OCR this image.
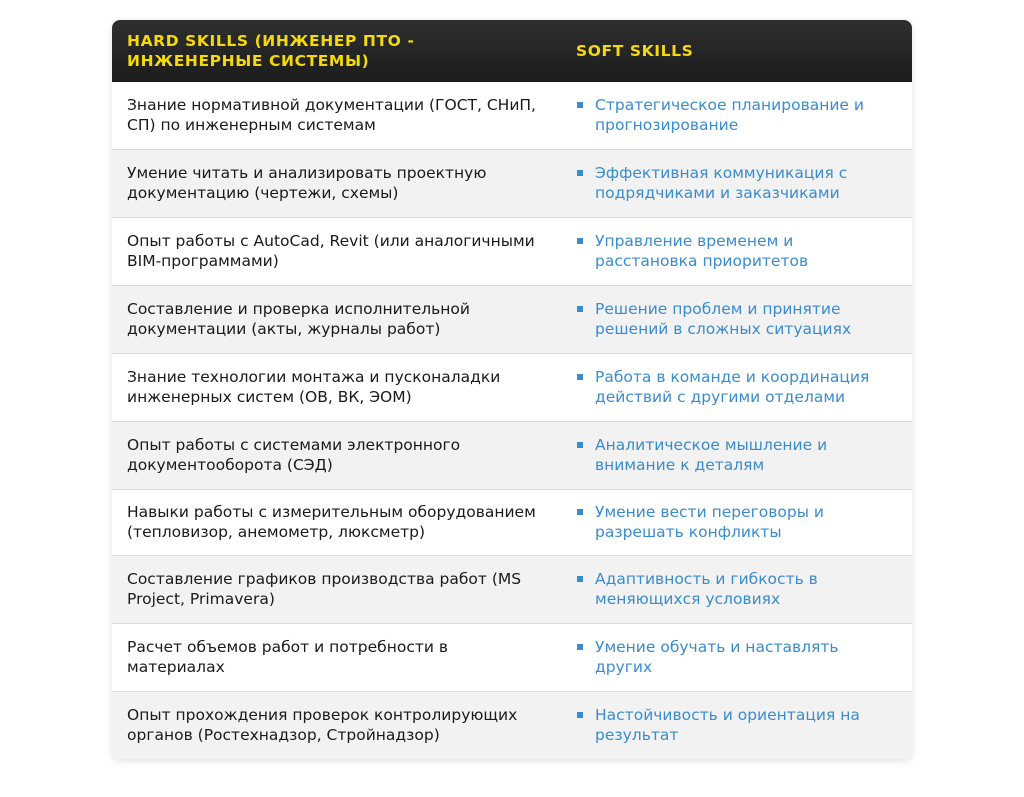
HARD SKILLS (ИНЖЕНЕР ПТО - ИНЖЕНЕРНЫЕ СИСТЕМЫ)	SOFT SKILLS
Знание нормативной документации (ГОСТ, СНиП, СП) по инженерным системам	Стратегическое планирование и прогнозирование

Умение читать и анализировать проектную документацию (чертежи, схемы)	Эффективная коммуникация с подрядчиками и заказчиками

Опыт работы с AutoCad, Revit (или аналогичными BIM-программами)	Управление временем и расстановка приоритетов

Составление и проверка исполнительной документации (акты, журналы работ)	Решение проблем и принятие решений в сложных ситуациях

Знание технологии монтажа и пусконаладки инженерных систем (ОВ, ВК, ЭОМ)	Работа в команде и координация действий с другими отделами

Опыт работы с системами электронного документооборота (СЭД)	Аналитическое мышление и внимание к деталям

Навыки работы с измерительным оборудованием (тепловизор, анемометр, люксметр)	Умение вести переговоры и разрешать конфликты

Составление графиков производства работ (MS Project, Primavera)	Адаптивность и гибкость в меняющихся условиях

Расчет объемов работ и потребности в материалах	Умение обучать и наставлять других

Опыт прохождения проверок контролирующих органов (Ростехнадзор, Стройнадзор)	Настойчивость и ориентация на результат
